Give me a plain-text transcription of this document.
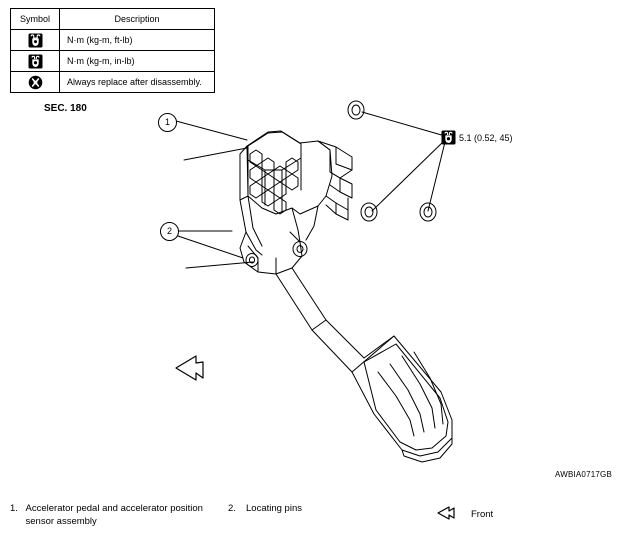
Symbol	Description

	N·m (kg-m, ft-lb)

	N·m (kg-m, in-lb)

	Always replace after disassembly.
SEC. 180
1
2
5.1 (0.52, 45)
AWBIA0717GB
1. Accelerator pedal and accelerator position sensor assembly
2.	Locating pins
Front
